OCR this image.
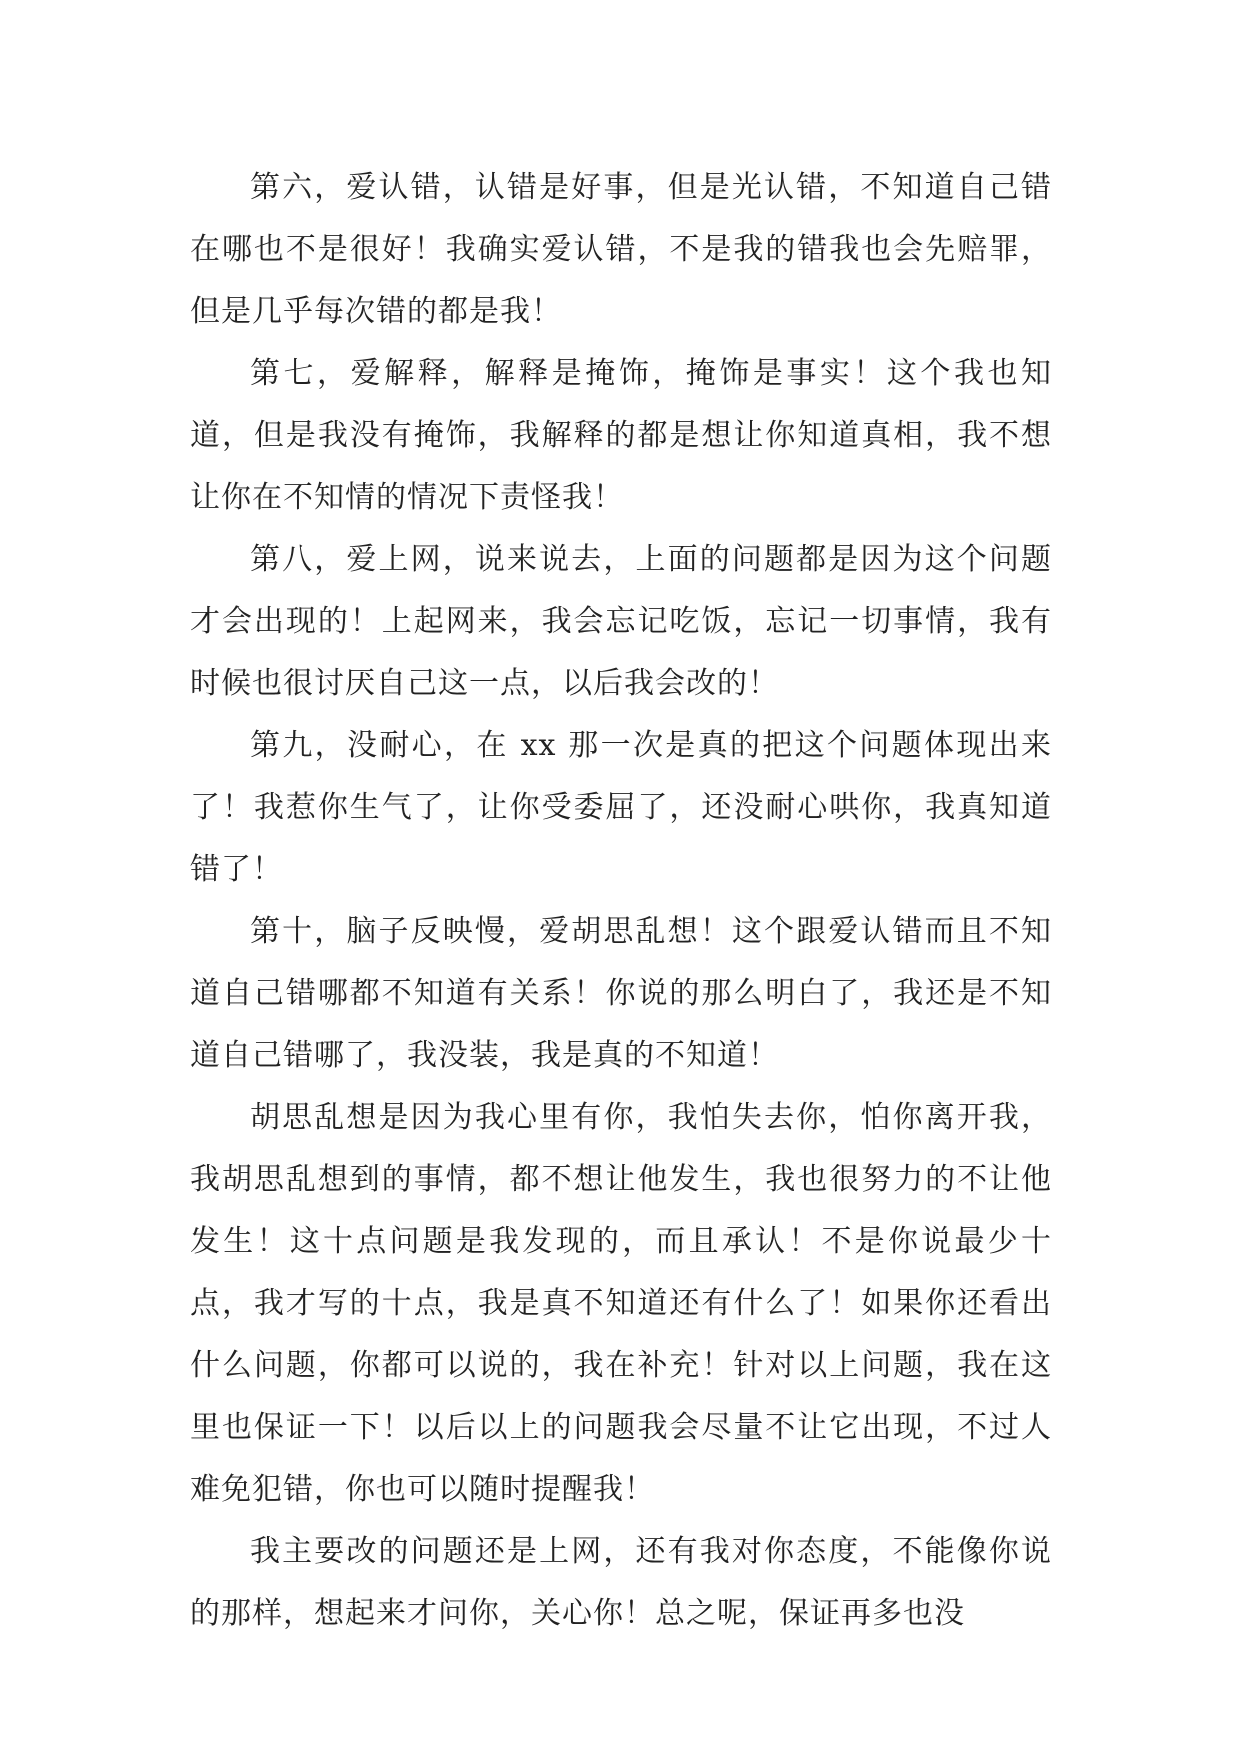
第六，爱认错，认错是好事，但是光认错，不知道自己错在哪也不是很好！我确实爱认错，不是我的错我也会先赔罪，但是几乎每次错的都是我！

第七，爱解释，解释是掩饰，掩饰是事实！这个我也知道，但是我没有掩饰，我解释的都是想让你知道真相，我不想让你在不知情的情况下责怪我！

第八，爱上网，说来说去，上面的问题都是因为这个问题才会出现的！上起网来，我会忘记吃饭，忘记一切事情，我有时候也很讨厌自己这一点，以后我会改的！

第九，没耐心，在 xx 那一次是真的把这个问题体现出来了！我惹你生气了，让你受委屈了，还没耐心哄你，我真知道错了！

第十，脑子反映慢，爱胡思乱想！这个跟爱认错而且不知道自己错哪都不知道有关系！你说的那么明白了，我还是不知道自己错哪了，我没装，我是真的不知道！

胡思乱想是因为我心里有你，我怕失去你，怕你离开我，我胡思乱想到的事情，都不想让他发生，我也很努力的不让他发生！这十点问题是我发现的，而且承认！不是你说最少十点，我才写的十点，我是真不知道还有什么了！如果你还看出什么问题，你都可以说的，我在补充！针对以上问题，我在这里也保证一下！以后以上的问题我会尽量不让它出现，不过人难免犯错，你也可以随时提醒我！

我主要改的问题还是上网，还有我对你态度，不能像你说的那样，想起来才问你，关心你！总之呢，保证再多也没
